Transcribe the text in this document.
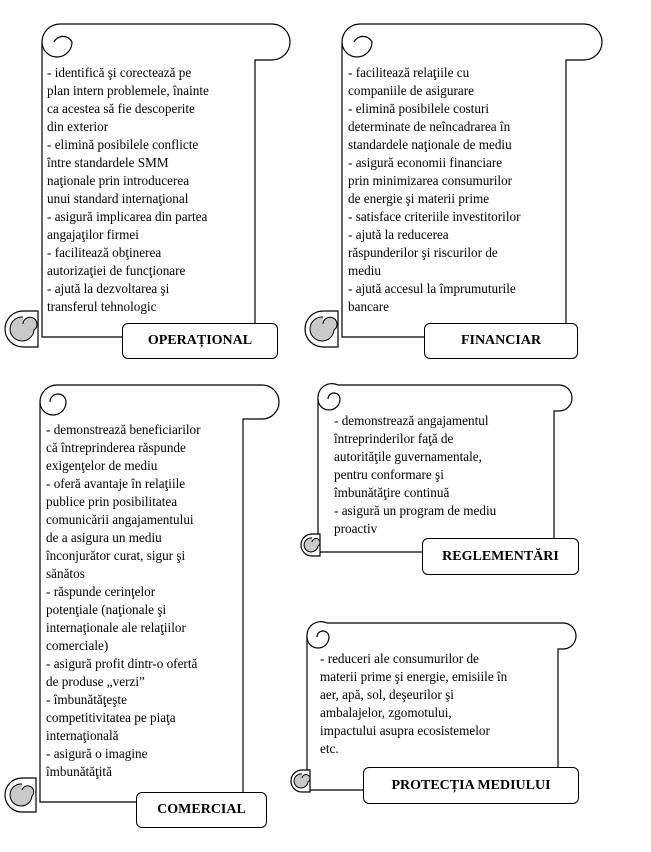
- identifică şi corectează pe
plan intern problemele, înainte
ca acestea să fie descoperite
din exterior
- elimină posibilele conflicte
între standardele SMM
naţionale prin introducerea
unui standard internaţional
- asigură implicarea din partea
angajaţilor firmei
- facilitează obţinerea
autorizaţiei de funcţionare
- ajută la dezvoltarea şi
transferul tehnologic
OPERAȚIONAL
- facilitează relaţiile cu
companiile de asigurare
- elimină posibilele costuri
determinate de neîncadrarea în
standardele naţionale de mediu
- asigură economii financiare
prin minimizarea consumurilor
de energie şi materii prime
- satisface criteriile investitorilor
- ajută la reducerea
răspunderilor şi riscurilor de
mediu
- ajută accesul la împrumuturile
bancare
FINANCIAR
- demonstrează beneficiarilor
că întreprinderea răspunde
exigenţelor de mediu
- oferă avantaje în relaţiile
publice prin posibilitatea
comunicării angajamentului
de a asigura un mediu
înconjurător curat, sigur şi
sănătos
- răspunde cerinţelor
potenţiale (naţionale şi
internaţionale ale relaţiilor
comerciale)
- asigură profit dintr-o ofertă
de produse „verzi”
- îmbunătăţeşte
competitivitatea pe piaţa
internaţională
- asigură o imagine
îmbunătăţită
COMERCIAL
- demonstrează angajamentul
întreprinderilor faţă de
autorităţile guvernamentale,
pentru conformare şi
îmbunătăţire continuă
- asigură un program de mediu
proactiv
REGLEMENTĂRI
- reduceri ale consumurilor de
materii prime şi energie, emisiile în
aer, apă, sol, deşeurilor şi
ambalajelor, zgomotului,
impactului asupra ecosistemelor
etc.
PROTECȚIA MEDIULUI
